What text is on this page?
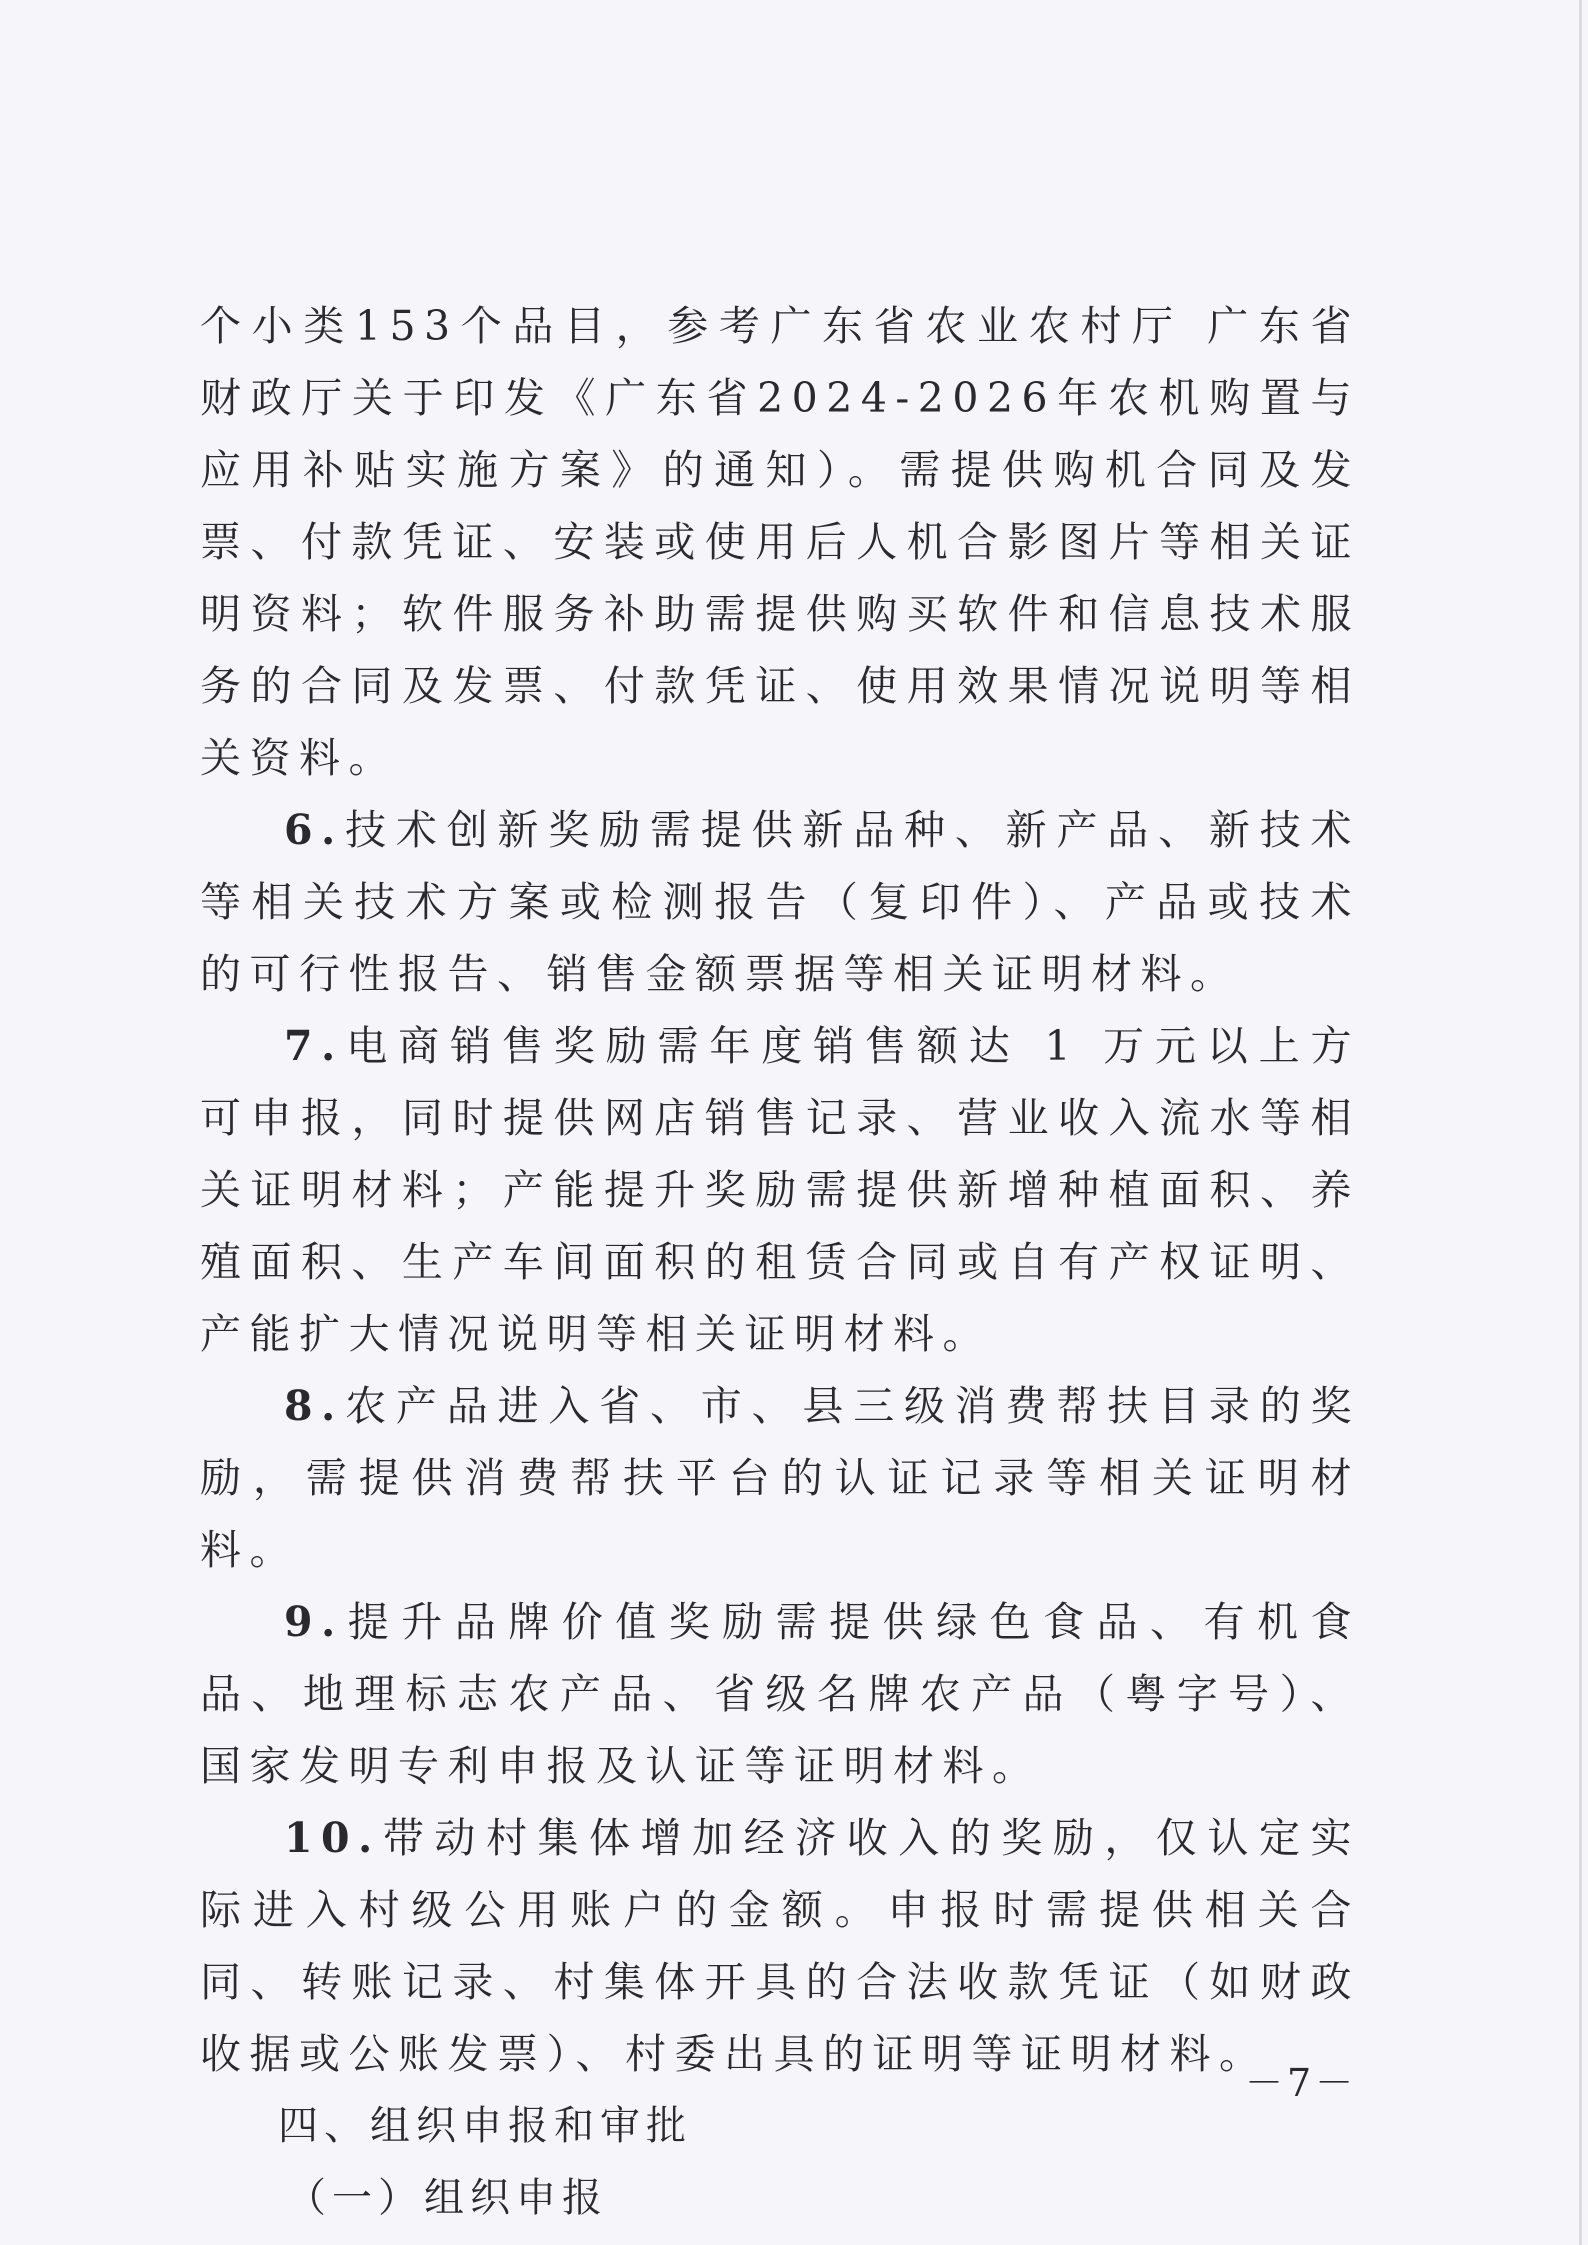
个小类153个品目，参考广东省农业农村厅 广东省财政厅关于印发《广东省2024-2026年农机购置与应用补贴实施方案》的通知）。需提供购机合同及发票、付款凭证、安装或使用后人机合影图片等相关证明资料；软件服务补助需提供购买软件和信息技术服务的合同及发票、付款凭证、使用效果情况说明等相关资料。

6.技术创新奖励需提供新品种、新产品、新技术等相关技术方案或检测报告（复印件）、产品或技术的可行性报告、销售金额票据等相关证明材料。

7.电商销售奖励需年度销售额达 1 万元以上方可申报，同时提供网店销售记录、营业收入流水等相关证明材料；产能提升奖励需提供新增种植面积、养殖面积、生产车间面积的租赁合同或自有产权证明、产能扩大情况说明等相关证明材料。

8.农产品进入省、市、县三级消费帮扶目录的奖励，需提供消费帮扶平台的认证记录等相关证明材料。

9.提升品牌价值奖励需提供绿色食品、有机食品、地理标志农产品、省级名牌农产品（粤字号）、国家发明专利申报及认证等证明材料。

10.带动村集体增加经济收入的奖励，仅认定实际进入村级公用账户的金额。申报时需提供相关合同、转账记录、村集体开具的合法收款凭证（如财政收据或公账发票）、村委出具的证明等证明材料。

四、组织申报和审批

（一）组织申报

－7－
